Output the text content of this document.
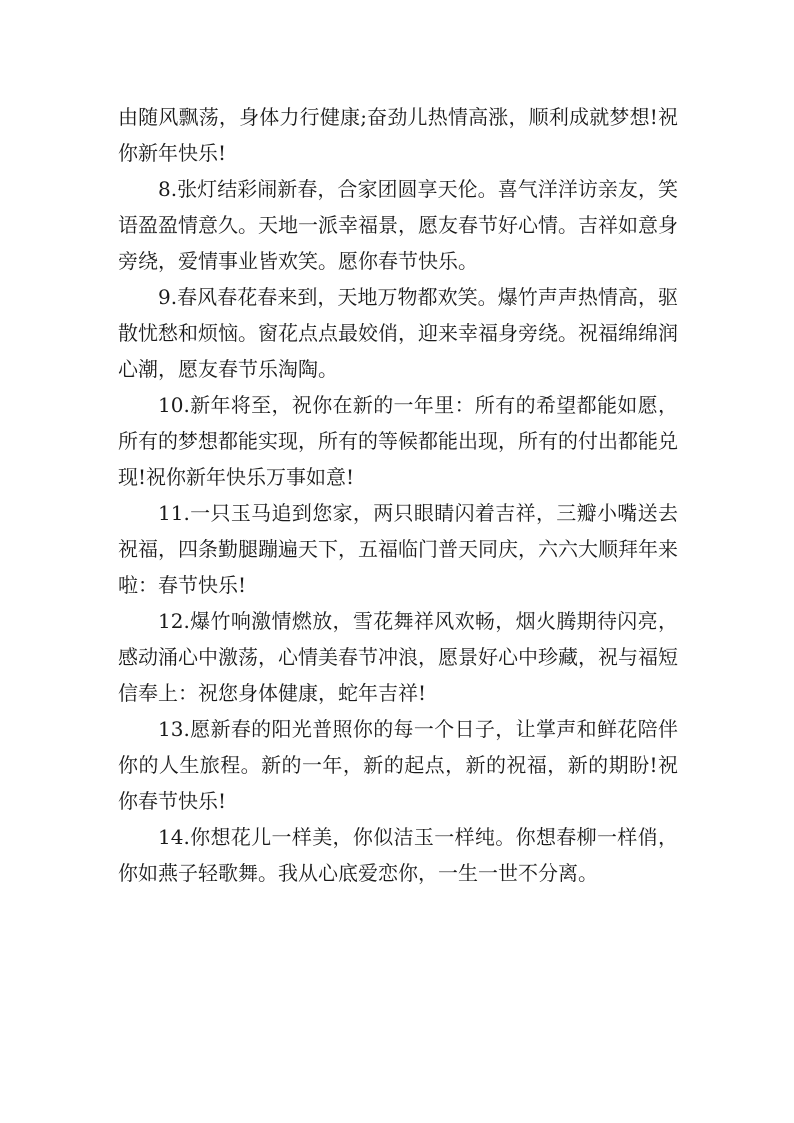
由随风飘荡，身体力行健康;奋劲儿热情高涨，顺利成就梦想!祝你新年快乐!

8.张灯结彩闹新春，合家团圆享天伦。喜气洋洋访亲友，笑语盈盈情意久。天地一派幸福景，愿友春节好心情。吉祥如意身旁绕，爱情事业皆欢笑。愿你春节快乐。

9.春风春花春来到，天地万物都欢笑。爆竹声声热情高，驱散忧愁和烦恼。窗花点点最姣俏，迎来幸福身旁绕。祝福绵绵润心潮，愿友春节乐淘陶。

10.新年将至，祝你在新的一年里：所有的希望都能如愿，所有的梦想都能实现，所有的等候都能出现，所有的付出都能兑现!祝你新年快乐万事如意!

11.一只玉马追到您家，两只眼睛闪着吉祥，三瓣小嘴送去祝福，四条勤腿蹦遍天下，五福临门普天同庆，六六大顺拜年来啦：春节快乐!

12.爆竹响激情燃放，雪花舞祥风欢畅，烟火腾期待闪亮，感动涌心中激荡，心情美春节冲浪，愿景好心中珍藏，祝与福短信奉上：祝您身体健康，蛇年吉祥!

13.愿新春的阳光普照你的每一个日子，让掌声和鲜花陪伴你的人生旅程。新的一年，新的起点，新的祝福，新的期盼!祝你春节快乐!

14.你想花儿一样美，你似洁玉一样纯。你想春柳一样俏，你如燕子轻歌舞。我从心底爱恋你，一生一世不分离。
